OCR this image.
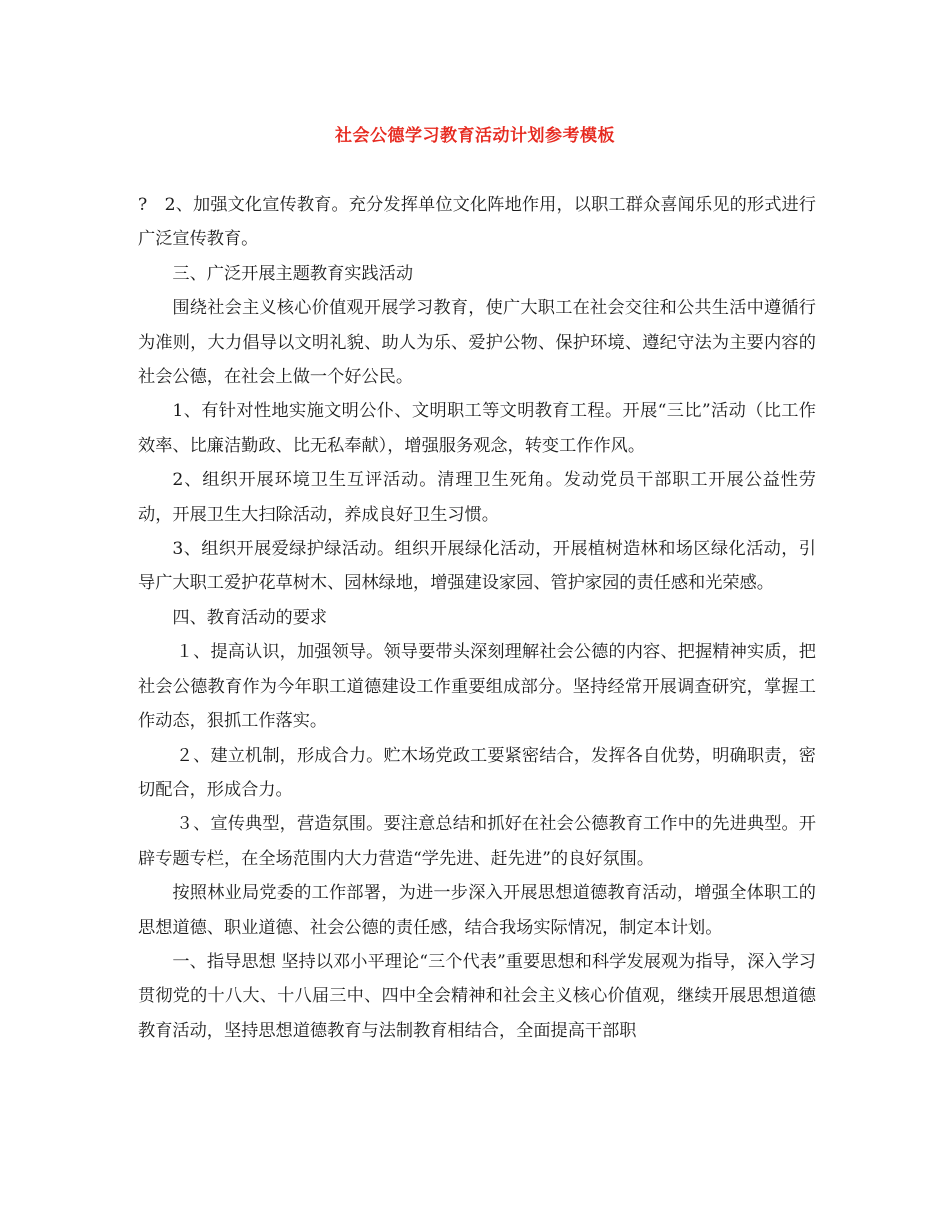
社会公德学习教育活动计划参考模板

?　2、加强文化宣传教育。充分发挥单位文化阵地作用，以职工群众喜闻乐见的形式进行广泛宣传教育。

三、广泛开展主题教育实践活动

围绕社会主义核心价值观开展学习教育，使广大职工在社会交往和公共生活中遵循行为准则，大力倡导以文明礼貌、助人为乐、爱护公物、保护环境、遵纪守法为主要内容的社会公德，在社会上做一个好公民。

1、有针对性地实施文明公仆、文明职工等文明教育工程。开展“三比”活动（比工作效率、比廉洁勤政、比无私奉献），增强服务观念，转变工作作风。

2、组织开展环境卫生互评活动。清理卫生死角。发动党员干部职工开展公益性劳动，开展卫生大扫除活动，养成良好卫生习惯。

3、组织开展爱绿护绿活动。组织开展绿化活动，开展植树造林和场区绿化活动，引导广大职工爱护花草树木、园林绿地，增强建设家园、管护家园的责任感和光荣感。

四、教育活动的要求

１、提高认识，加强领导。领导要带头深刻理解社会公德的内容、把握精神实质，把社会公德教育作为今年职工道德建设工作重要组成部分。坚持经常开展调查研究，掌握工作动态，狠抓工作落实。

２、建立机制，形成合力。贮木场党政工要紧密结合，发挥各自优势，明确职责，密切配合，形成合力。

３、宣传典型，营造氛围。要注意总结和抓好在社会公德教育工作中的先进典型。开辟专题专栏，在全场范围内大力营造“学先进、赶先进”的良好氛围。

按照林业局党委的工作部署，为进一步深入开展思想道德教育活动，增强全体职工的思想道德、职业道德、社会公德的责任感，结合我场实际情况，制定本计划。

一、指导思想 坚持以邓小平理论“三个代表”重要思想和科学发展观为指导，深入学习贯彻党的十八大、十八届三中、四中全会精神和社会主义核心价值观，继续开展思想道德教育活动，坚持思想道德教育与法制教育相结合，全面提高干部职
